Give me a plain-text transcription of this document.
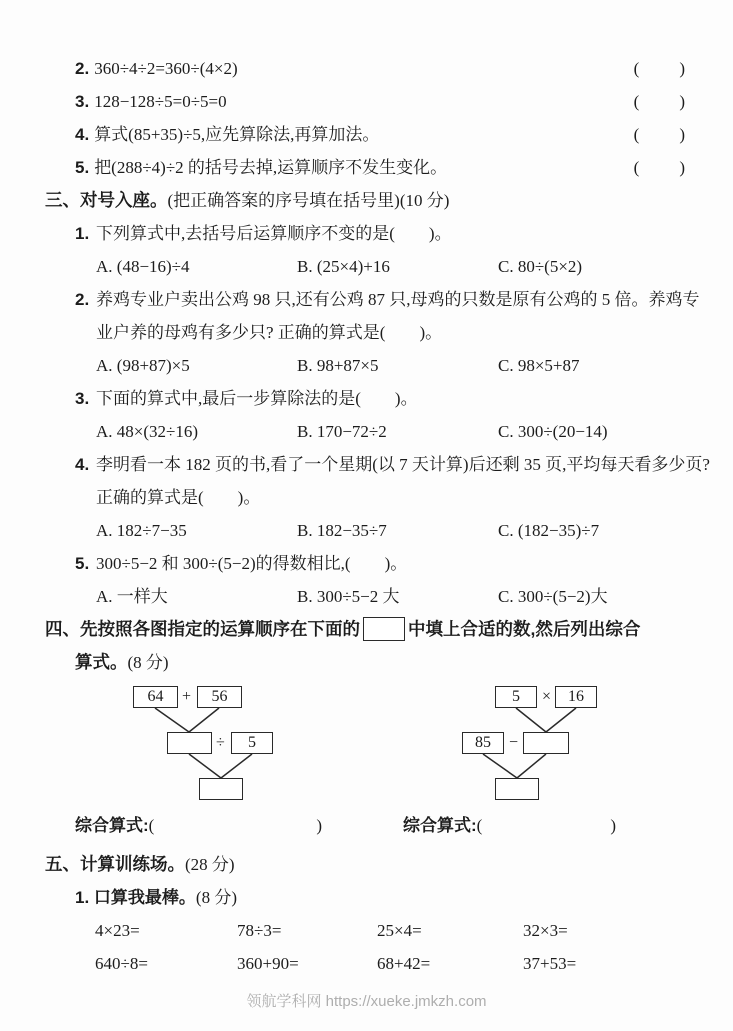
2. 360÷4÷2=360÷(4×2)	(　　)
3. 128−128÷5=0÷5=0	(　　)
4. 算式(85+35)÷5,应先算除法,再算加法。	(　　)
5. 把(288÷4)÷2 的括号去掉,运算顺序不发生变化。	(　　)
三、对号入座。(把正确答案的序号填在括号里)(10 分)
1. 下列算式中,去括号后运算顺序不变的是(　　)。
A. (48−16)÷4	B. (25×4)+16	C. 80÷(5×2)
2. 养鸡专业户卖出公鸡 98 只,还有公鸡 87 只,母鸡的只数是原有公鸡的 5 倍。养鸡专业户养的母鸡有多少只? 正确的算式是(　　)。
A. (98+87)×5	B. 98+87×5	C. 98×5+87
3. 下面的算式中,最后一步算除法的是(　　)。
A. 48×(32÷16)	B. 170−72÷2	C. 300÷(20−14)
4. 李明看一本 182 页的书,看了一个星期(以 7 天计算)后还剩 35 页,平均每天看多少页? 正确的算式是(　　)。
A. 182÷7−35	B. 182−35÷7	C. (182−35)÷7
5. 300÷5−2 和 300÷(5−2)的得数相比,(　　)。
A. 一样大	B. 300÷5−2 大	C. 300÷(5−2)大
四、先按照各图指定的运算顺序在下面的	中填上合适的数,然后列出综合
算式。(8 分)
64	+	56
÷	5
5	×	16
85	−
综合算式: (	)	综合算式: (	)
五、计算训练场。(28 分)
1. 口算我最棒。(8 分)
4×23=	78÷3=	25×4=	32×3=
640÷8=	360+90=	68+42=	37+53=
领航学科网 https://xueke.jmkzh.com
